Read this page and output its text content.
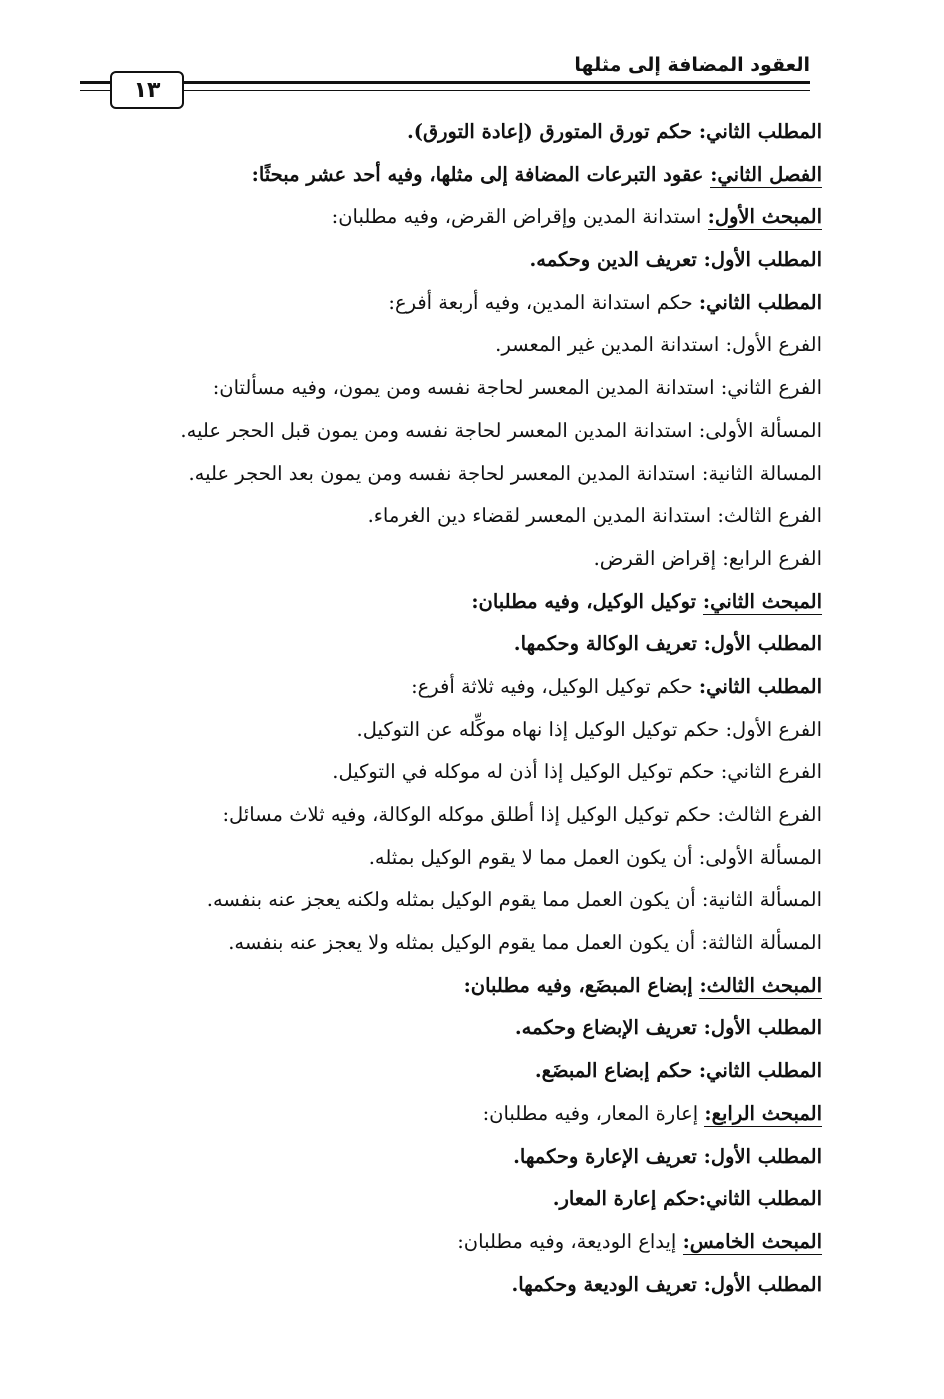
العقود المضافة إلى مثلها
١٣
المطلب الثاني: حكم تورق المتورق (إعادة التورق).
الفصل الثاني: عقود التبرعات المضافة إلى مثلها، وفيه أحد عشر مبحثًا:
المبحث الأول: استدانة المدين وإقراض القرض، وفيه مطلبان:
المطلب الأول: تعريف الدين وحكمه.
المطلب الثاني: حكم استدانة المدين، وفيه أربعة أفرع:
الفرع الأول: استدانة المدين غير المعسر.
الفرع الثاني: استدانة المدين المعسر لحاجة نفسه ومن يمون، وفيه مسألتان:
المسألة الأولى: استدانة المدين المعسر لحاجة نفسه ومن يمون قبل الحجر عليه.
المسالة الثانية: استدانة المدين المعسر لحاجة نفسه ومن يمون بعد الحجر عليه.
الفرع الثالث: استدانة المدين المعسر لقضاء دين الغرماء.
الفرع الرابع: إقراض القرض.
المبحث الثاني: توكيل الوكيل، وفيه مطلبان:
المطلب الأول: تعريف الوكالة وحكمها.
المطلب الثاني: حكم توكيل الوكيل، وفيه ثلاثة أفرع:
الفرع الأول: حكم توكيل الوكيل إذا نهاه موكِّله عن التوكيل.
الفرع الثاني: حكم توكيل الوكيل إذا أذن له موكله في التوكيل.
الفرع الثالث: حكم توكيل الوكيل إذا أطلق موكله الوكالة، وفيه ثلاث مسائل:
المسألة الأولى: أن يكون العمل مما لا يقوم الوكيل بمثله.
المسألة الثانية: أن يكون العمل مما يقوم الوكيل بمثله ولكنه يعجز عنه بنفسه.
المسألة الثالثة: أن يكون العمل مما يقوم الوكيل بمثله ولا يعجز عنه بنفسه.
المبحث الثالث: إبضاع المبضَع، وفيه مطلبان:
المطلب الأول: تعريف الإبضاع وحكمه.
المطلب الثاني: حكم إبضاع المبضَع.
المبحث الرابع: إعارة المعار، وفيه مطلبان:
المطلب الأول: تعريف الإعارة وحكمها.
المطلب الثاني:حكم إعارة المعار.
المبحث الخامس: إيداع الوديعة، وفيه مطلبان:
المطلب الأول: تعريف الوديعة وحكمها.
